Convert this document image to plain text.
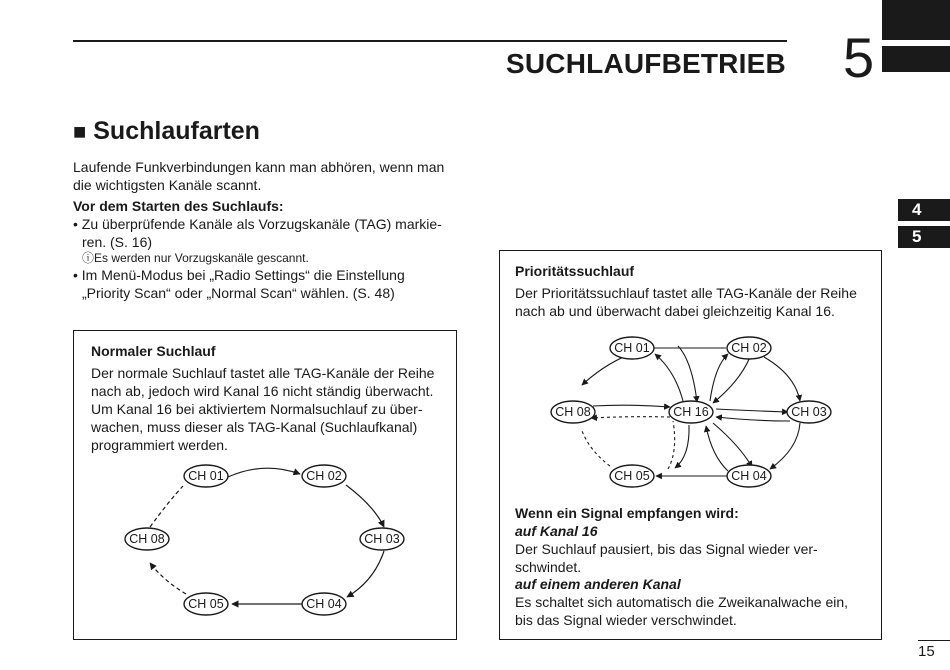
SUCHLAUFBETRIEB 5
4
5
■ Suchlaufarten

Laufende Funkverbindungen kann man abhören, wenn man

die wichtigsten Kanäle scannt.

Vor dem Starten des Suchlaufs:

• Zu überprüfende Kanäle als Vorzugskanäle (TAG) markie-

ren. (S. 16)

ⓘEs werden nur Vorzugskanäle gescannt.

• Im Menü-Modus bei „Radio Settings“ die Einstellung

„Priority Scan“ oder „Normal Scan“ wählen. (S. 48)

Normaler Suchlauf

Der normale Suchlauf tastet alle TAG-Kanäle der Reihe

nach ab, jedoch wird Kanal 16 nicht ständig überwacht.

Um Kanal 16 bei aktiviertem Normalsuchlauf zu über-

wachen, muss dieser als TAG-Kanal (Suchlaufkanal)

programmiert werden.

CH 01	CH 02
CH 03
CH 04
CH 05
CH 08
Prioritätssuchlauf

Der Prioritätssuchlauf tastet alle TAG-Kanäle der Reihe

nach ab und überwacht dabei gleichzeitig Kanal 16.

CH 01	CH 02
CH 03
CH 04
CH 05
CH 08	CH 16
Wenn ein Signal empfangen wird:
auf Kanal 16

Der Suchlauf pausiert, bis das Signal wieder ver-

schwindet.

auf einem anderen Kanal

Es schaltet sich automatisch die Zweikanalwache ein,

bis das Signal wieder verschwindet.

15
